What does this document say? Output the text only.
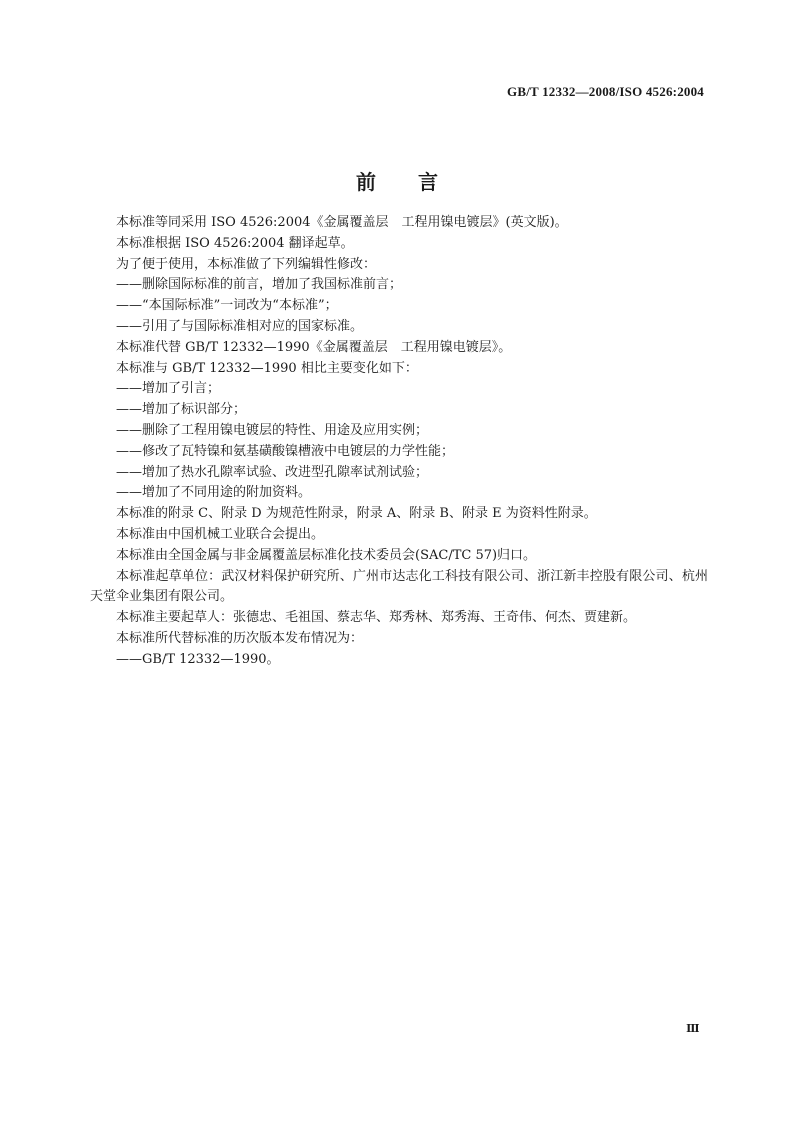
GB/T 12332—2008/ISO 4526:2004
前言

本标准等同采用 ISO 4526:2004《金属覆盖层　工程用镍电镀层》(英文版)。

本标准根据 ISO 4526:2004 翻译起草。

为了便于使用，本标准做了下列编辑性修改：

——删除国际标准的前言，增加了我国标准前言；

——“本国际标准”一词改为“本标准”；

——引用了与国际标准相对应的国家标准。

本标准代替 GB/T 12332—1990《金属覆盖层　工程用镍电镀层》。

本标准与 GB/T 12332—1990 相比主要变化如下：

——增加了引言；

——增加了标识部分；

——删除了工程用镍电镀层的特性、用途及应用实例；

——修改了瓦特镍和氨基磺酸镍槽液中电镀层的力学性能；

——增加了热水孔隙率试验、改进型孔隙率试剂试验；

——增加了不同用途的附加资料。

本标准的附录 C、附录 D 为规范性附录，附录 A、附录 B、附录 E 为资料性附录。

本标准由中国机械工业联合会提出。

本标准由全国金属与非金属覆盖层标准化技术委员会(SAC/TC 57)归口。

本标准起草单位：武汉材料保护研究所、广州市达志化工科技有限公司、浙江新丰控股有限公司、杭州天堂伞业集团有限公司。

本标准主要起草人：张德忠、毛祖国、蔡志华、郑秀林、郑秀海、王奇伟、何杰、贾建新。

本标准所代替标准的历次版本发布情况为：

——GB/T 12332—1990。

Ⅲ
